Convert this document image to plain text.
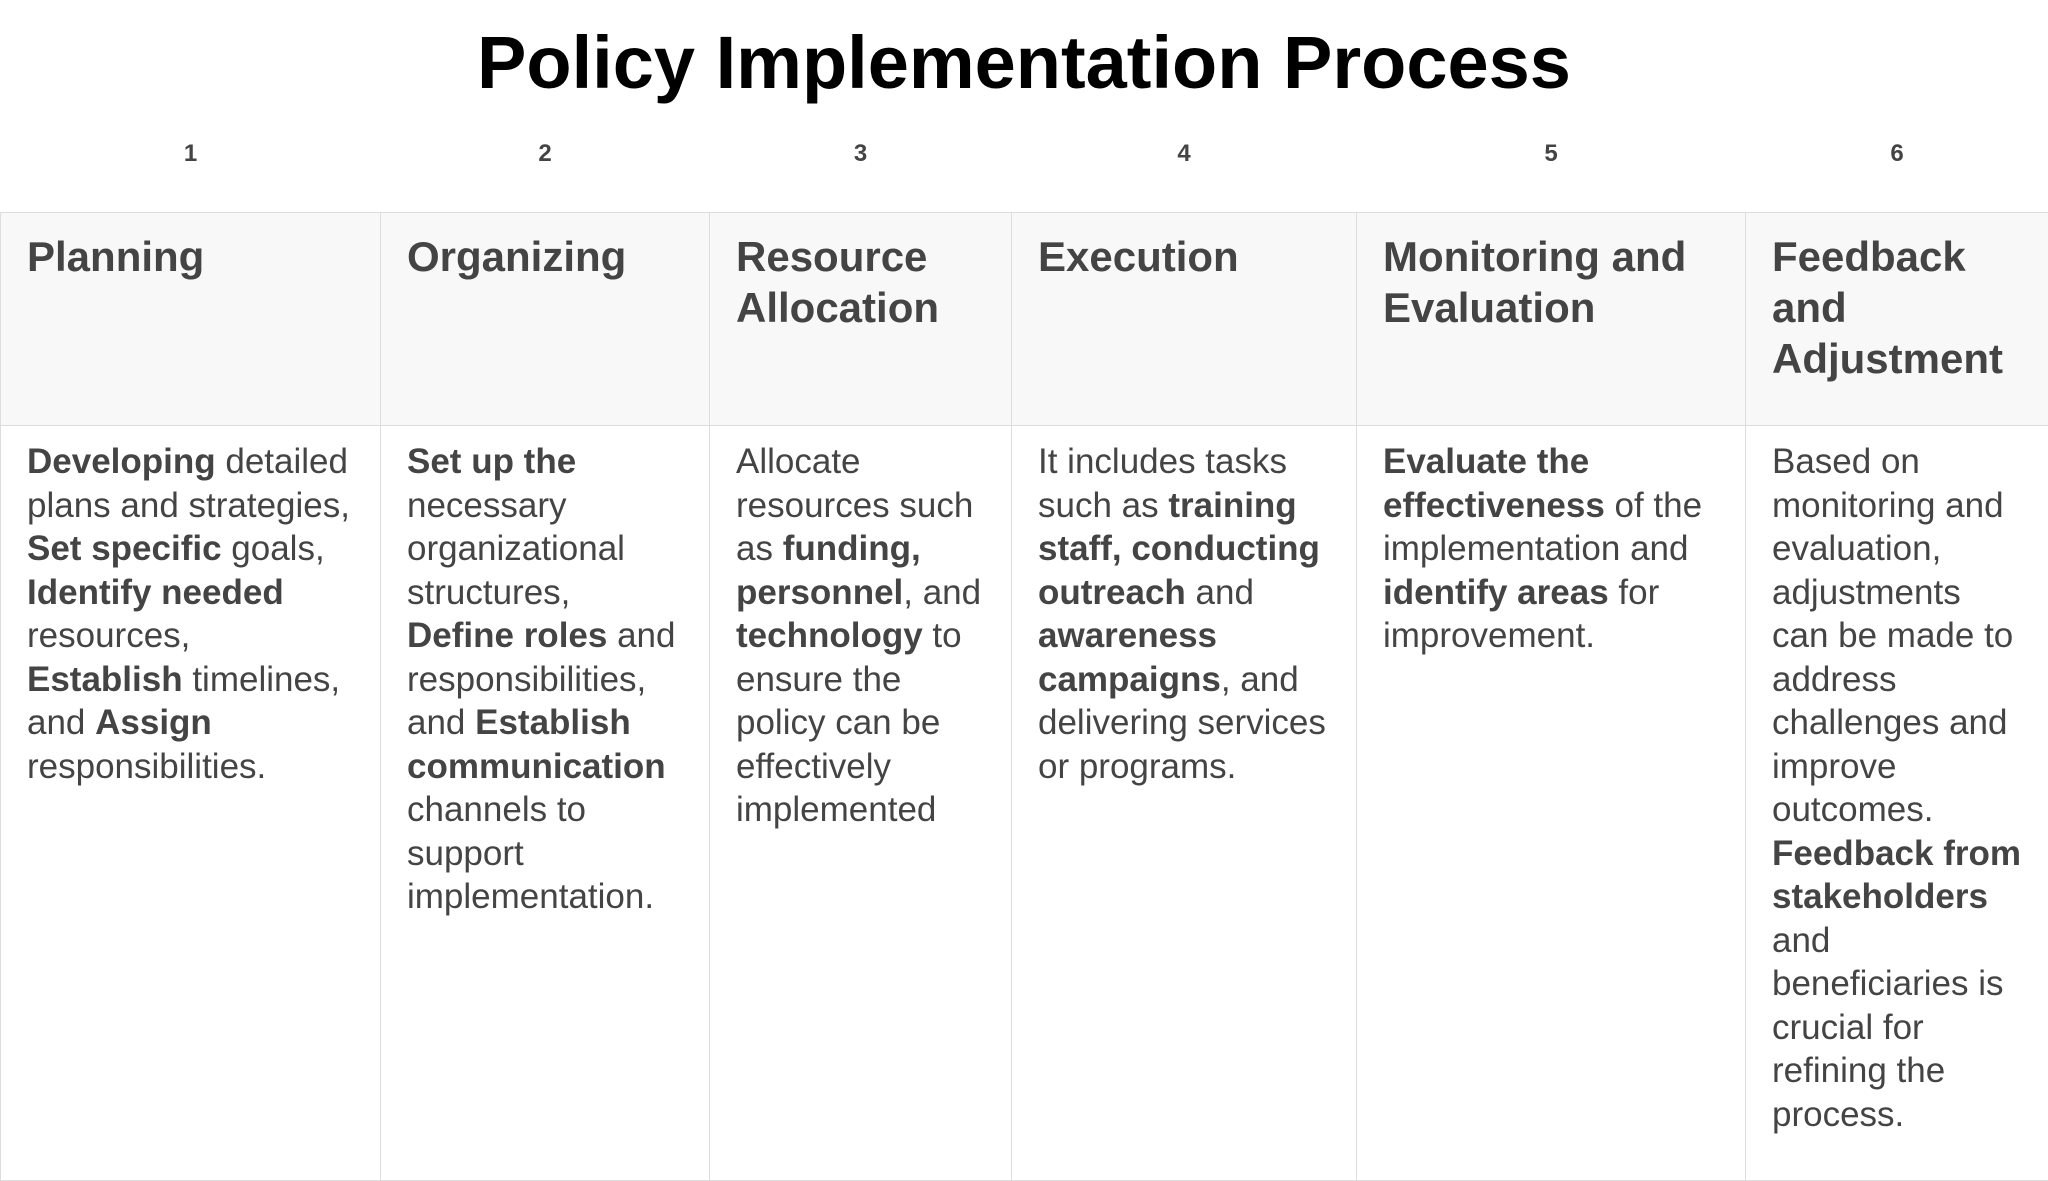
Policy Implementation Process
1	2	3	4	5	6
Planning	Organizing	Resource Allocation	Execution	Monitoring and Evaluation	Feedback and Adjustment
Developing detailed plans and strategies, Set specific goals, Identify needed resources, Establish timelines, and Assign responsibilities.	Set up the necessary organizational structures, Define roles and responsibilities, and Establish communication channels to support implementation.	Allocate resources such as funding, personnel, and technology to ensure the policy can be effectively implemented	It includes tasks such as training staff, conducting outreach and awareness campaigns, and delivering services or programs.	Evaluate the effectiveness of the implementation and identify areas for improvement.	Based on monitoring and evaluation, adjustments can be made to address challenges and improve outcomes. Feedback from stakeholders and beneficiaries is crucial for refining the process.
